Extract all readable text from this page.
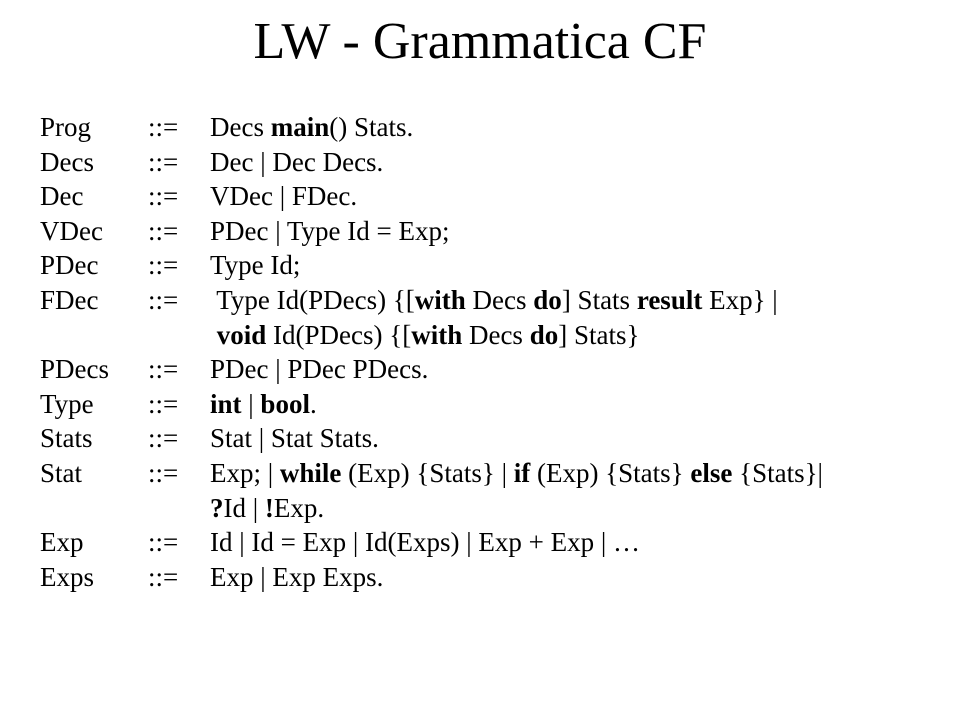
LW - Grammatica CF
Prog	::=	Decs main() Stats.
Decs	::=	Dec | Dec Decs.
Dec	::=	VDec | FDec.
VDec	::=	PDec | Type Id = Exp;
PDec	::=	Type Id;
FDec	::=	Type Id(PDecs) {[with Decs do] Stats result Exp} |
void Id(PDecs) {[with Decs do] Stats}
PDecs	::=	PDec | PDec PDecs.
Type	::=	int | bool.
Stats	::=	Stat | Stat Stats.
Stat	::=	Exp; | while (Exp) {Stats} | if (Exp) {Stats} else {Stats}|
?Id | !Exp.
Exp	::=	Id | Id = Exp | Id(Exps) | Exp + Exp | …
Exps	::=	Exp | Exp Exps.
